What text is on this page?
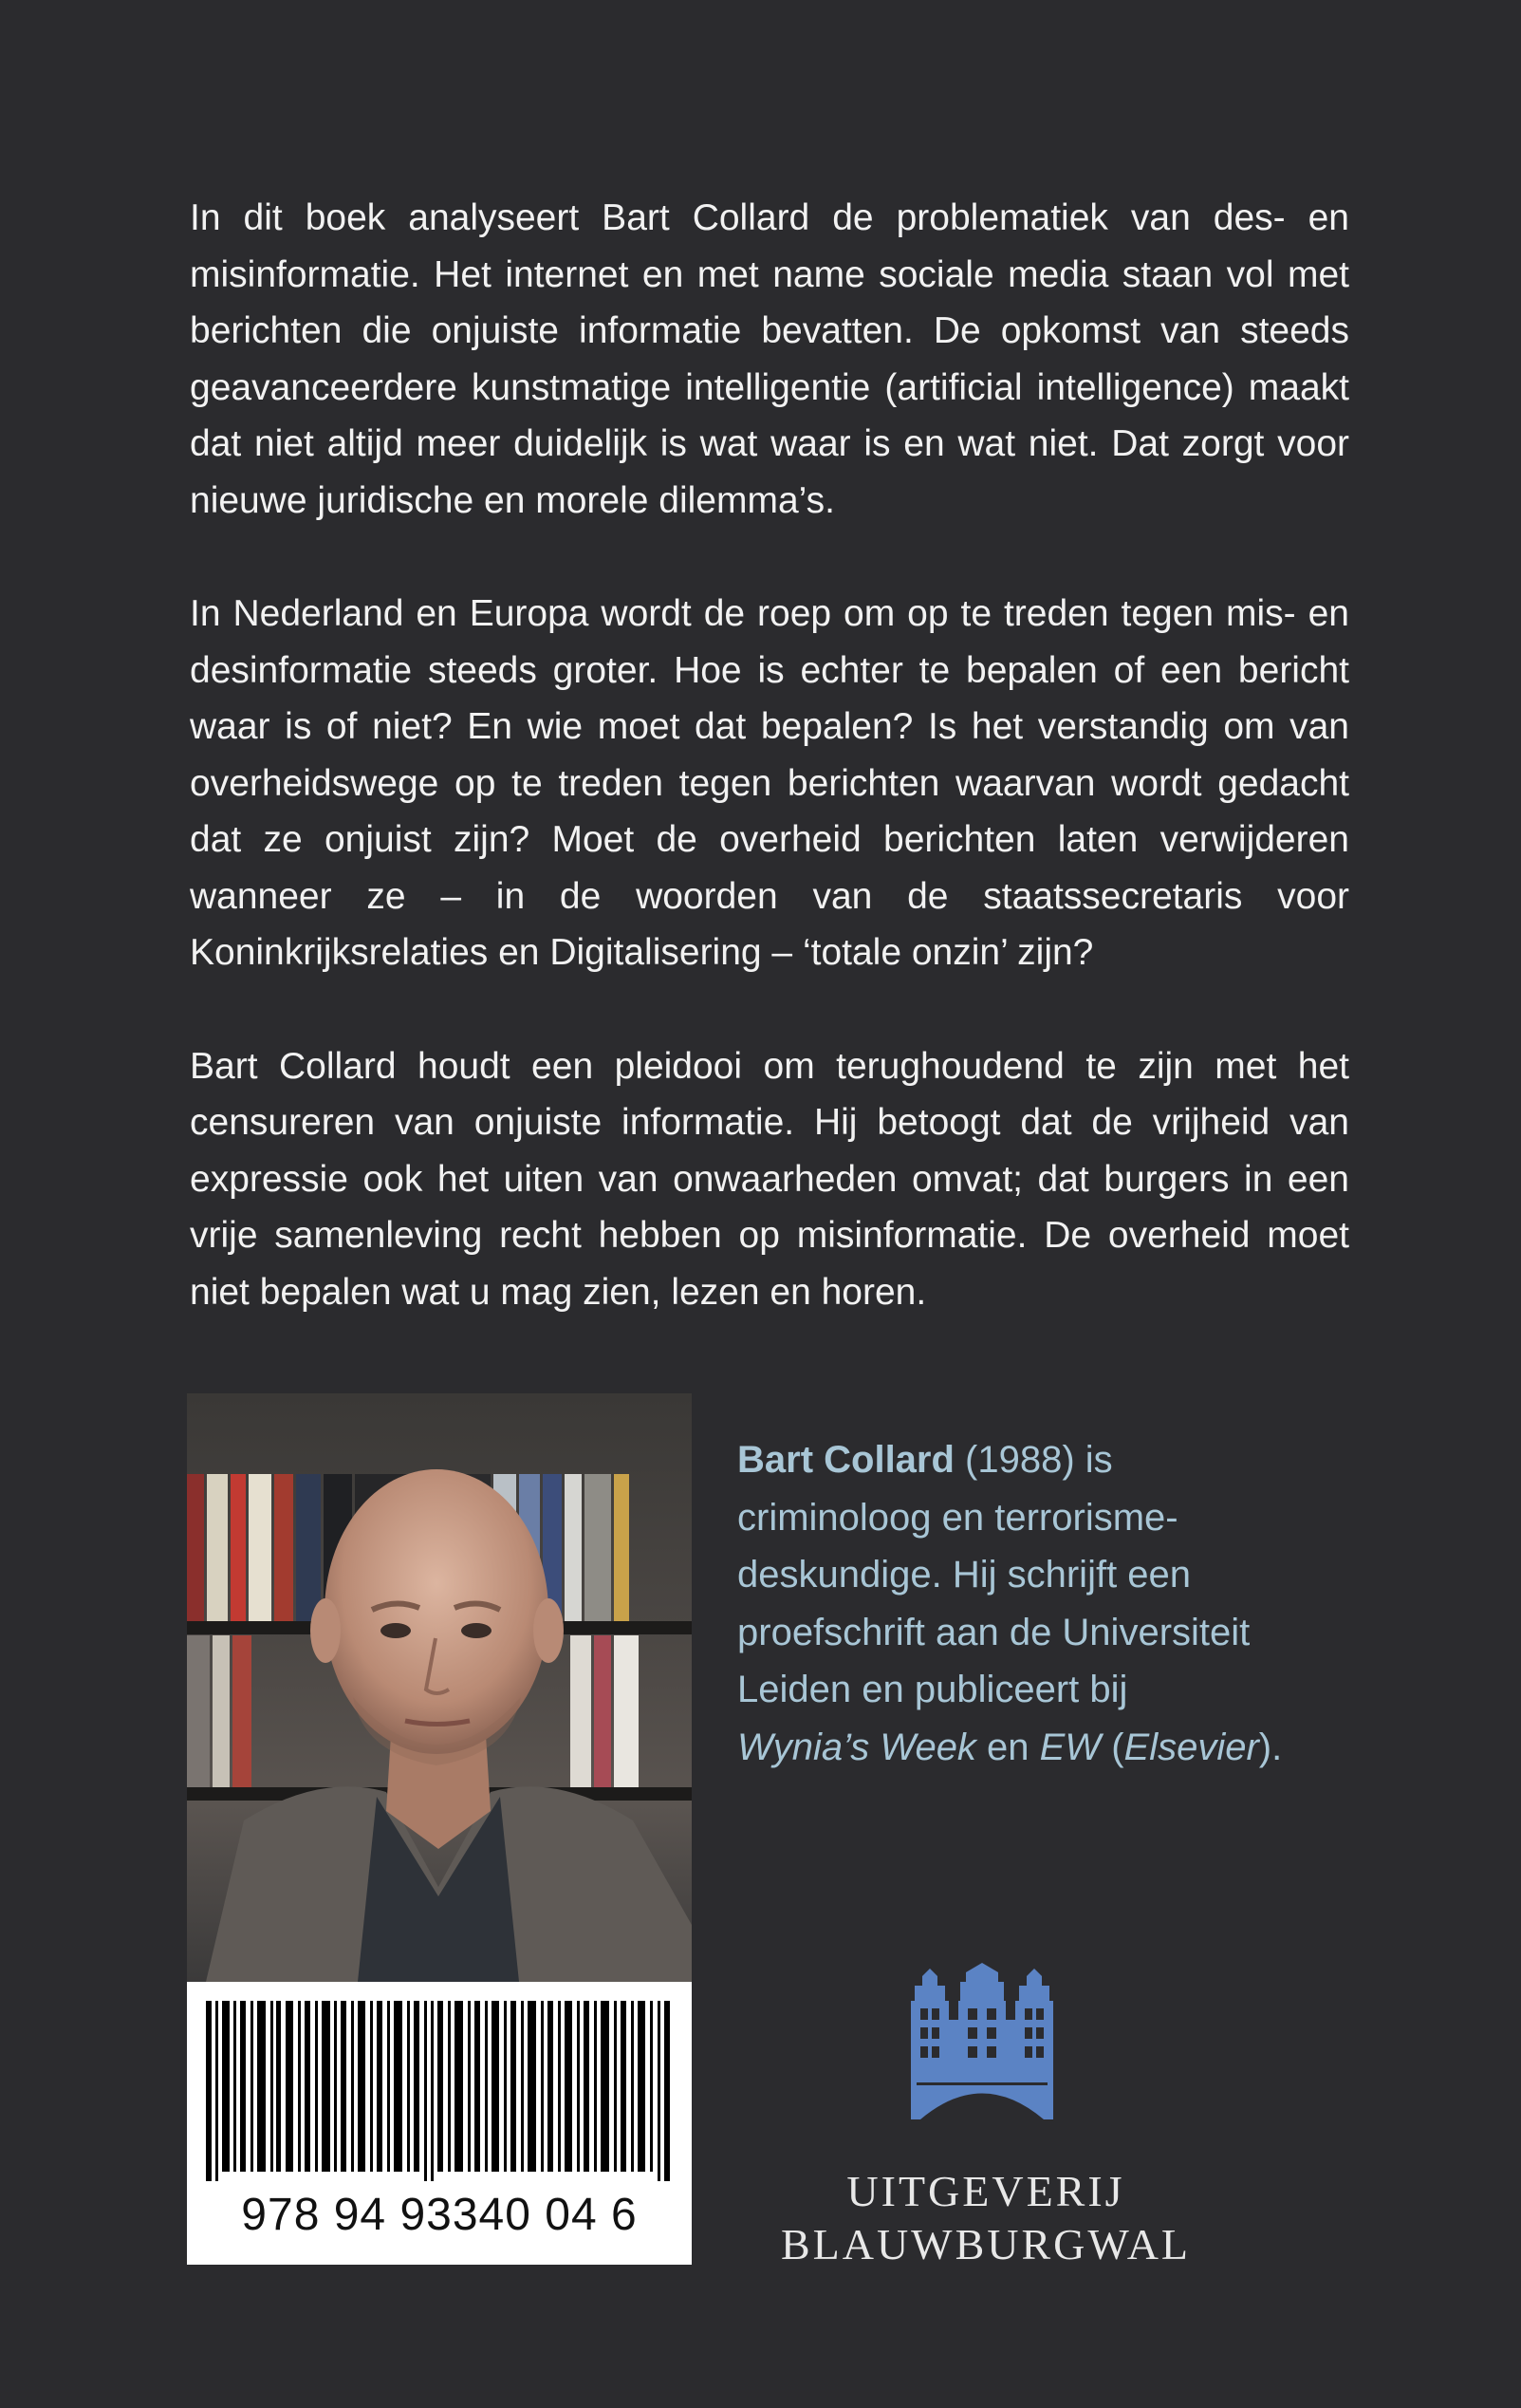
In dit boek analyseert Bart Collard de problematiek van des- en misinformatie. Het internet en met name sociale media staan vol met berichten die onjuiste informatie bevatten. De opkomst van steeds geavanceerdere kunstmatige intelligentie (artificial intelligence) maakt dat niet altijd meer duidelijk is wat waar is en wat niet. Dat zorgt voor nieuwe juridische en morele dilemma’s.

In Nederland en Europa wordt de roep om op te treden tegen mis- en desinformatie steeds groter. Hoe is echter te bepalen of een bericht waar is of niet? En wie moet dat bepalen? Is het verstandig om van overheidswege op te treden tegen berichten waarvan wordt gedacht dat ze onjuist zijn? Moet de overheid berichten laten verwijderen wanneer ze – in de woorden van de staatssecretaris voor Koninkrijksrelaties en Digitalisering – ‘totale onzin’ zijn?

Bart Collard houdt een pleidooi om terughoudend te zijn met het censureren van onjuiste informatie. Hij betoogt dat de vrijheid van expressie ook het uiten van onwaarheden omvat; dat burgers in een vrije samenleving recht hebben op misinformatie. De overheid moet niet bepalen wat u mag zien, lezen en horen.

978 94 93340 04 6
Bart Collard (1988) is
criminoloog en terrorisme-
deskundige. Hij schrijft een
proefschrift aan de Universiteit
Leiden en publiceert bij
Wynia’s Week en EW (Elsevier).
UITGEVERIJ
BLAUWBURGWAL
